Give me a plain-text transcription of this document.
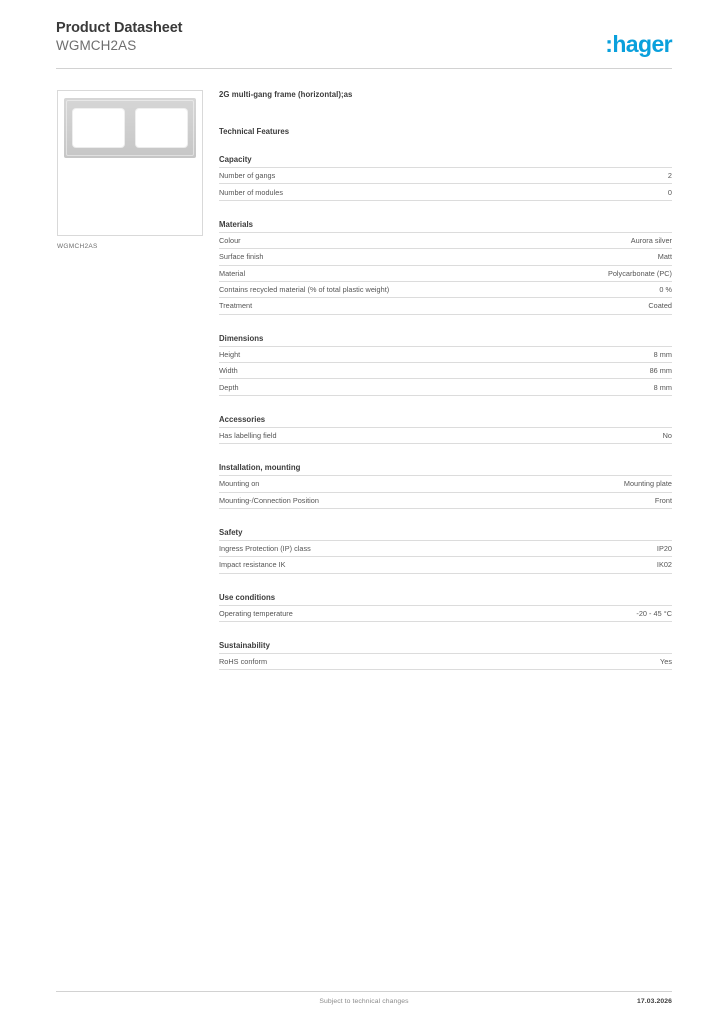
Product Datasheet
WGMCH2AS	:hager
WGMCH2AS
2G multi-gang frame (horizontal);as
Technical Features
Capacity
Number of gangs	2
Number of modules	0
Materials
Colour	Aurora silver
Surface finish	Matt
Material	Polycarbonate (PC)
Contains recycled material (% of total plastic weight)	0 %
Treatment	Coated
Dimensions
Height	8 mm
Width	86 mm
Depth	8 mm
Accessories
Has labelling field	No
Installation, mounting
Mounting on	Mounting plate
Mounting-/Connection Position	Front
Safety
Ingress Protection (IP) class	IP20
Impact resistance IK	IK02
Use conditions
Operating temperature	-20 - 45 °C
Sustainability
RoHS conform	Yes
Subject to technical changes	17.03.2026
